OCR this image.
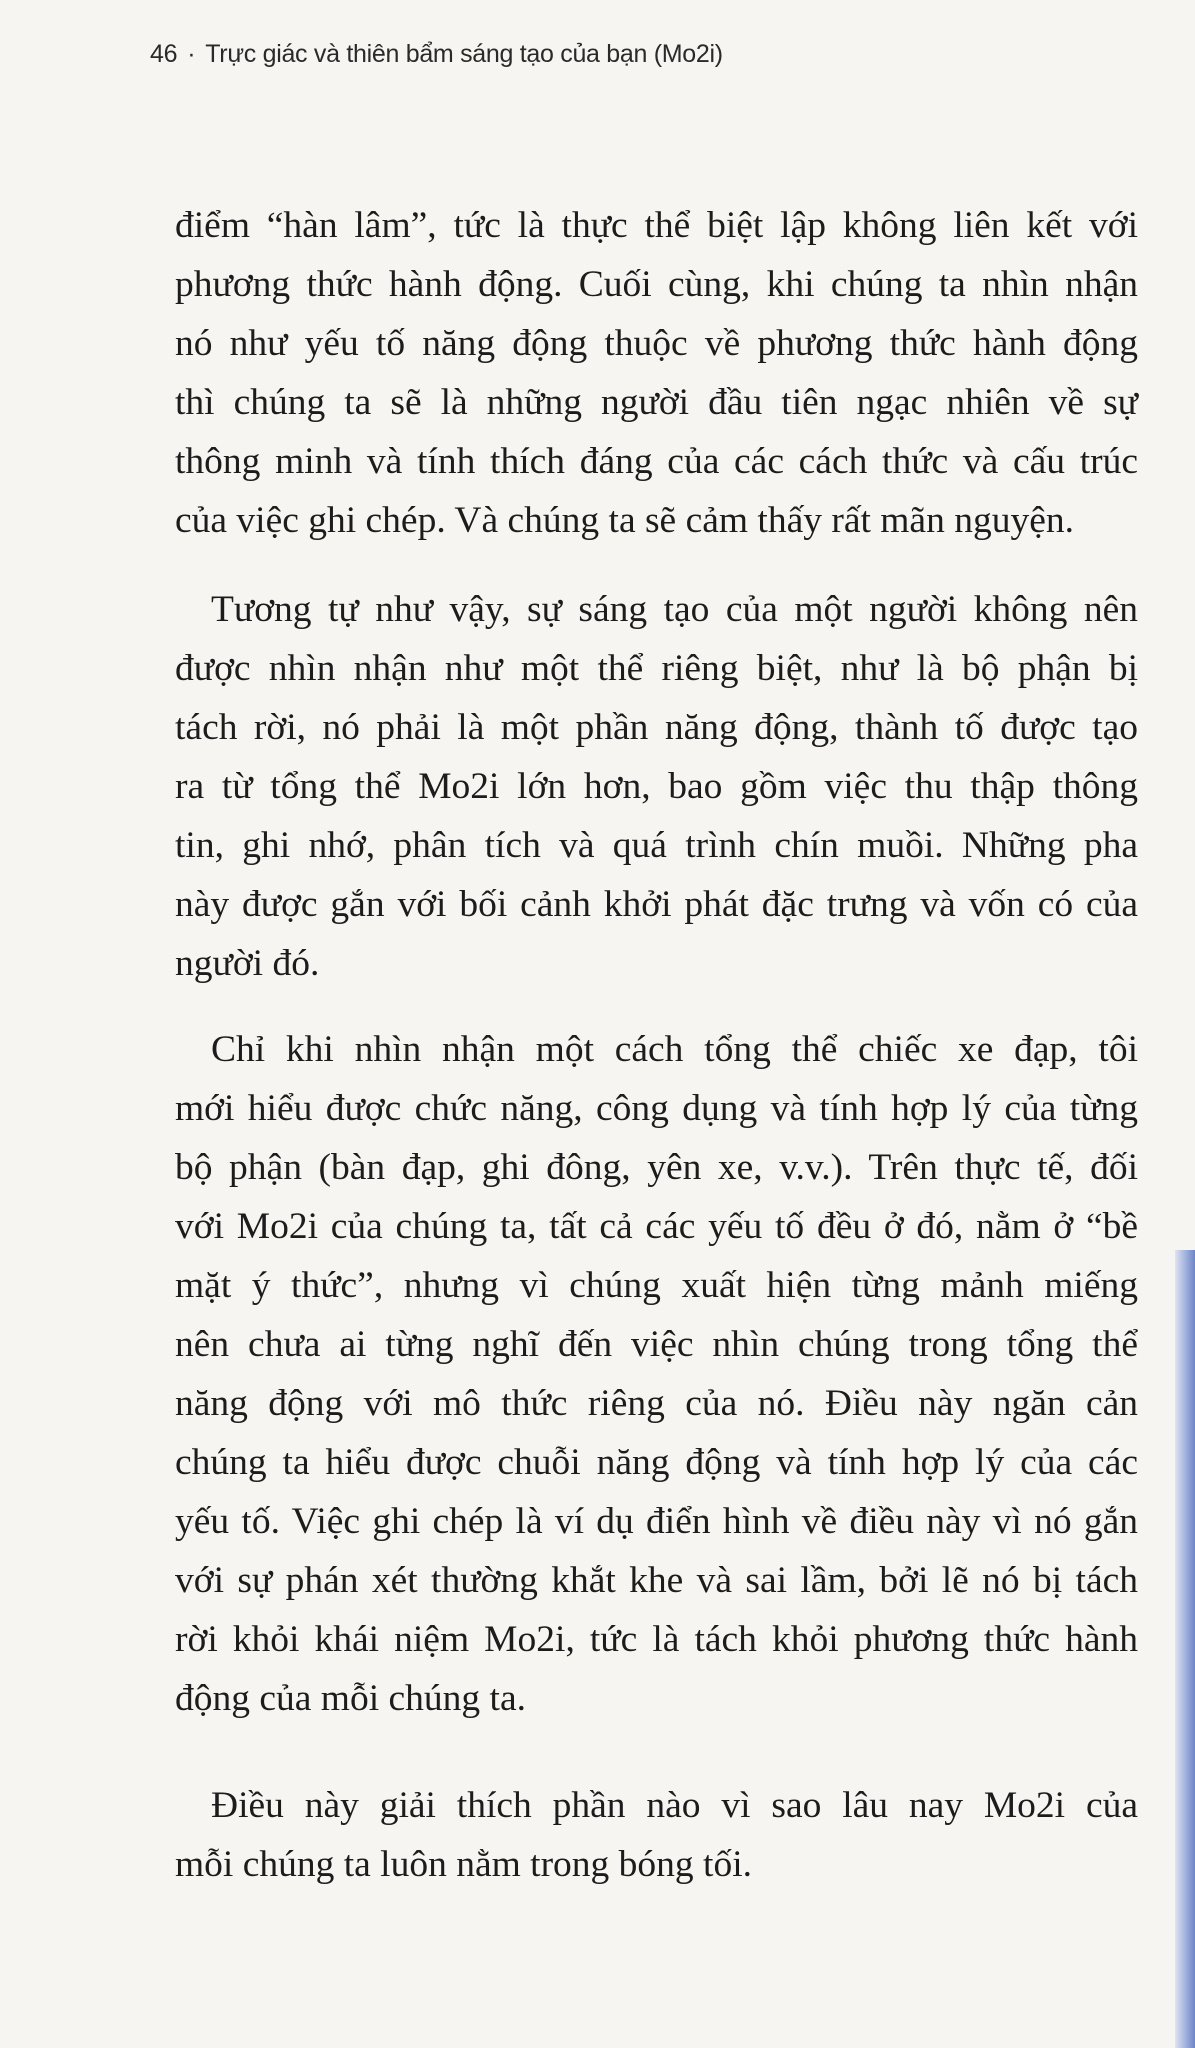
46 · Trực giác và thiên bẩm sáng tạo của bạn (Mo2i)
điểm “hàn lâm”, tức là thực thể biệt lập không liên kết với
phương thức hành động. Cuối cùng, khi chúng ta nhìn nhận
nó như yếu tố năng động thuộc về phương thức hành động
thì chúng ta sẽ là những người đầu tiên ngạc nhiên về sự
thông minh và tính thích đáng của các cách thức và cấu trúc
của việc ghi chép. Và chúng ta sẽ cảm thấy rất mãn nguyện.
Tương tự như vậy, sự sáng tạo của một người không nên
được nhìn nhận như một thể riêng biệt, như là bộ phận bị
tách rời, nó phải là một phần năng động, thành tố được tạo
ra từ tổng thể Mo2i lớn hơn, bao gồm việc thu thập thông
tin, ghi nhớ, phân tích và quá trình chín muồi. Những pha
này được gắn với bối cảnh khởi phát đặc trưng và vốn có của
người đó.
Chỉ khi nhìn nhận một cách tổng thể chiếc xe đạp, tôi
mới hiểu được chức năng, công dụng và tính hợp lý của từng
bộ phận (bàn đạp, ghi đông, yên xe, v.v.). Trên thực tế, đối
với Mo2i của chúng ta, tất cả các yếu tố đều ở đó, nằm ở “bề
mặt ý thức”, nhưng vì chúng xuất hiện từng mảnh miếng
nên chưa ai từng nghĩ đến việc nhìn chúng trong tổng thể
năng động với mô thức riêng của nó. Điều này ngăn cản
chúng ta hiểu được chuỗi năng động và tính hợp lý của các
yếu tố. Việc ghi chép là ví dụ điển hình về điều này vì nó gắn
với sự phán xét thường khắt khe và sai lầm, bởi lẽ nó bị tách
rời khỏi khái niệm Mo2i, tức là tách khỏi phương thức hành
động của mỗi chúng ta.
Điều này giải thích phần nào vì sao lâu nay Mo2i của
mỗi chúng ta luôn nằm trong bóng tối.
